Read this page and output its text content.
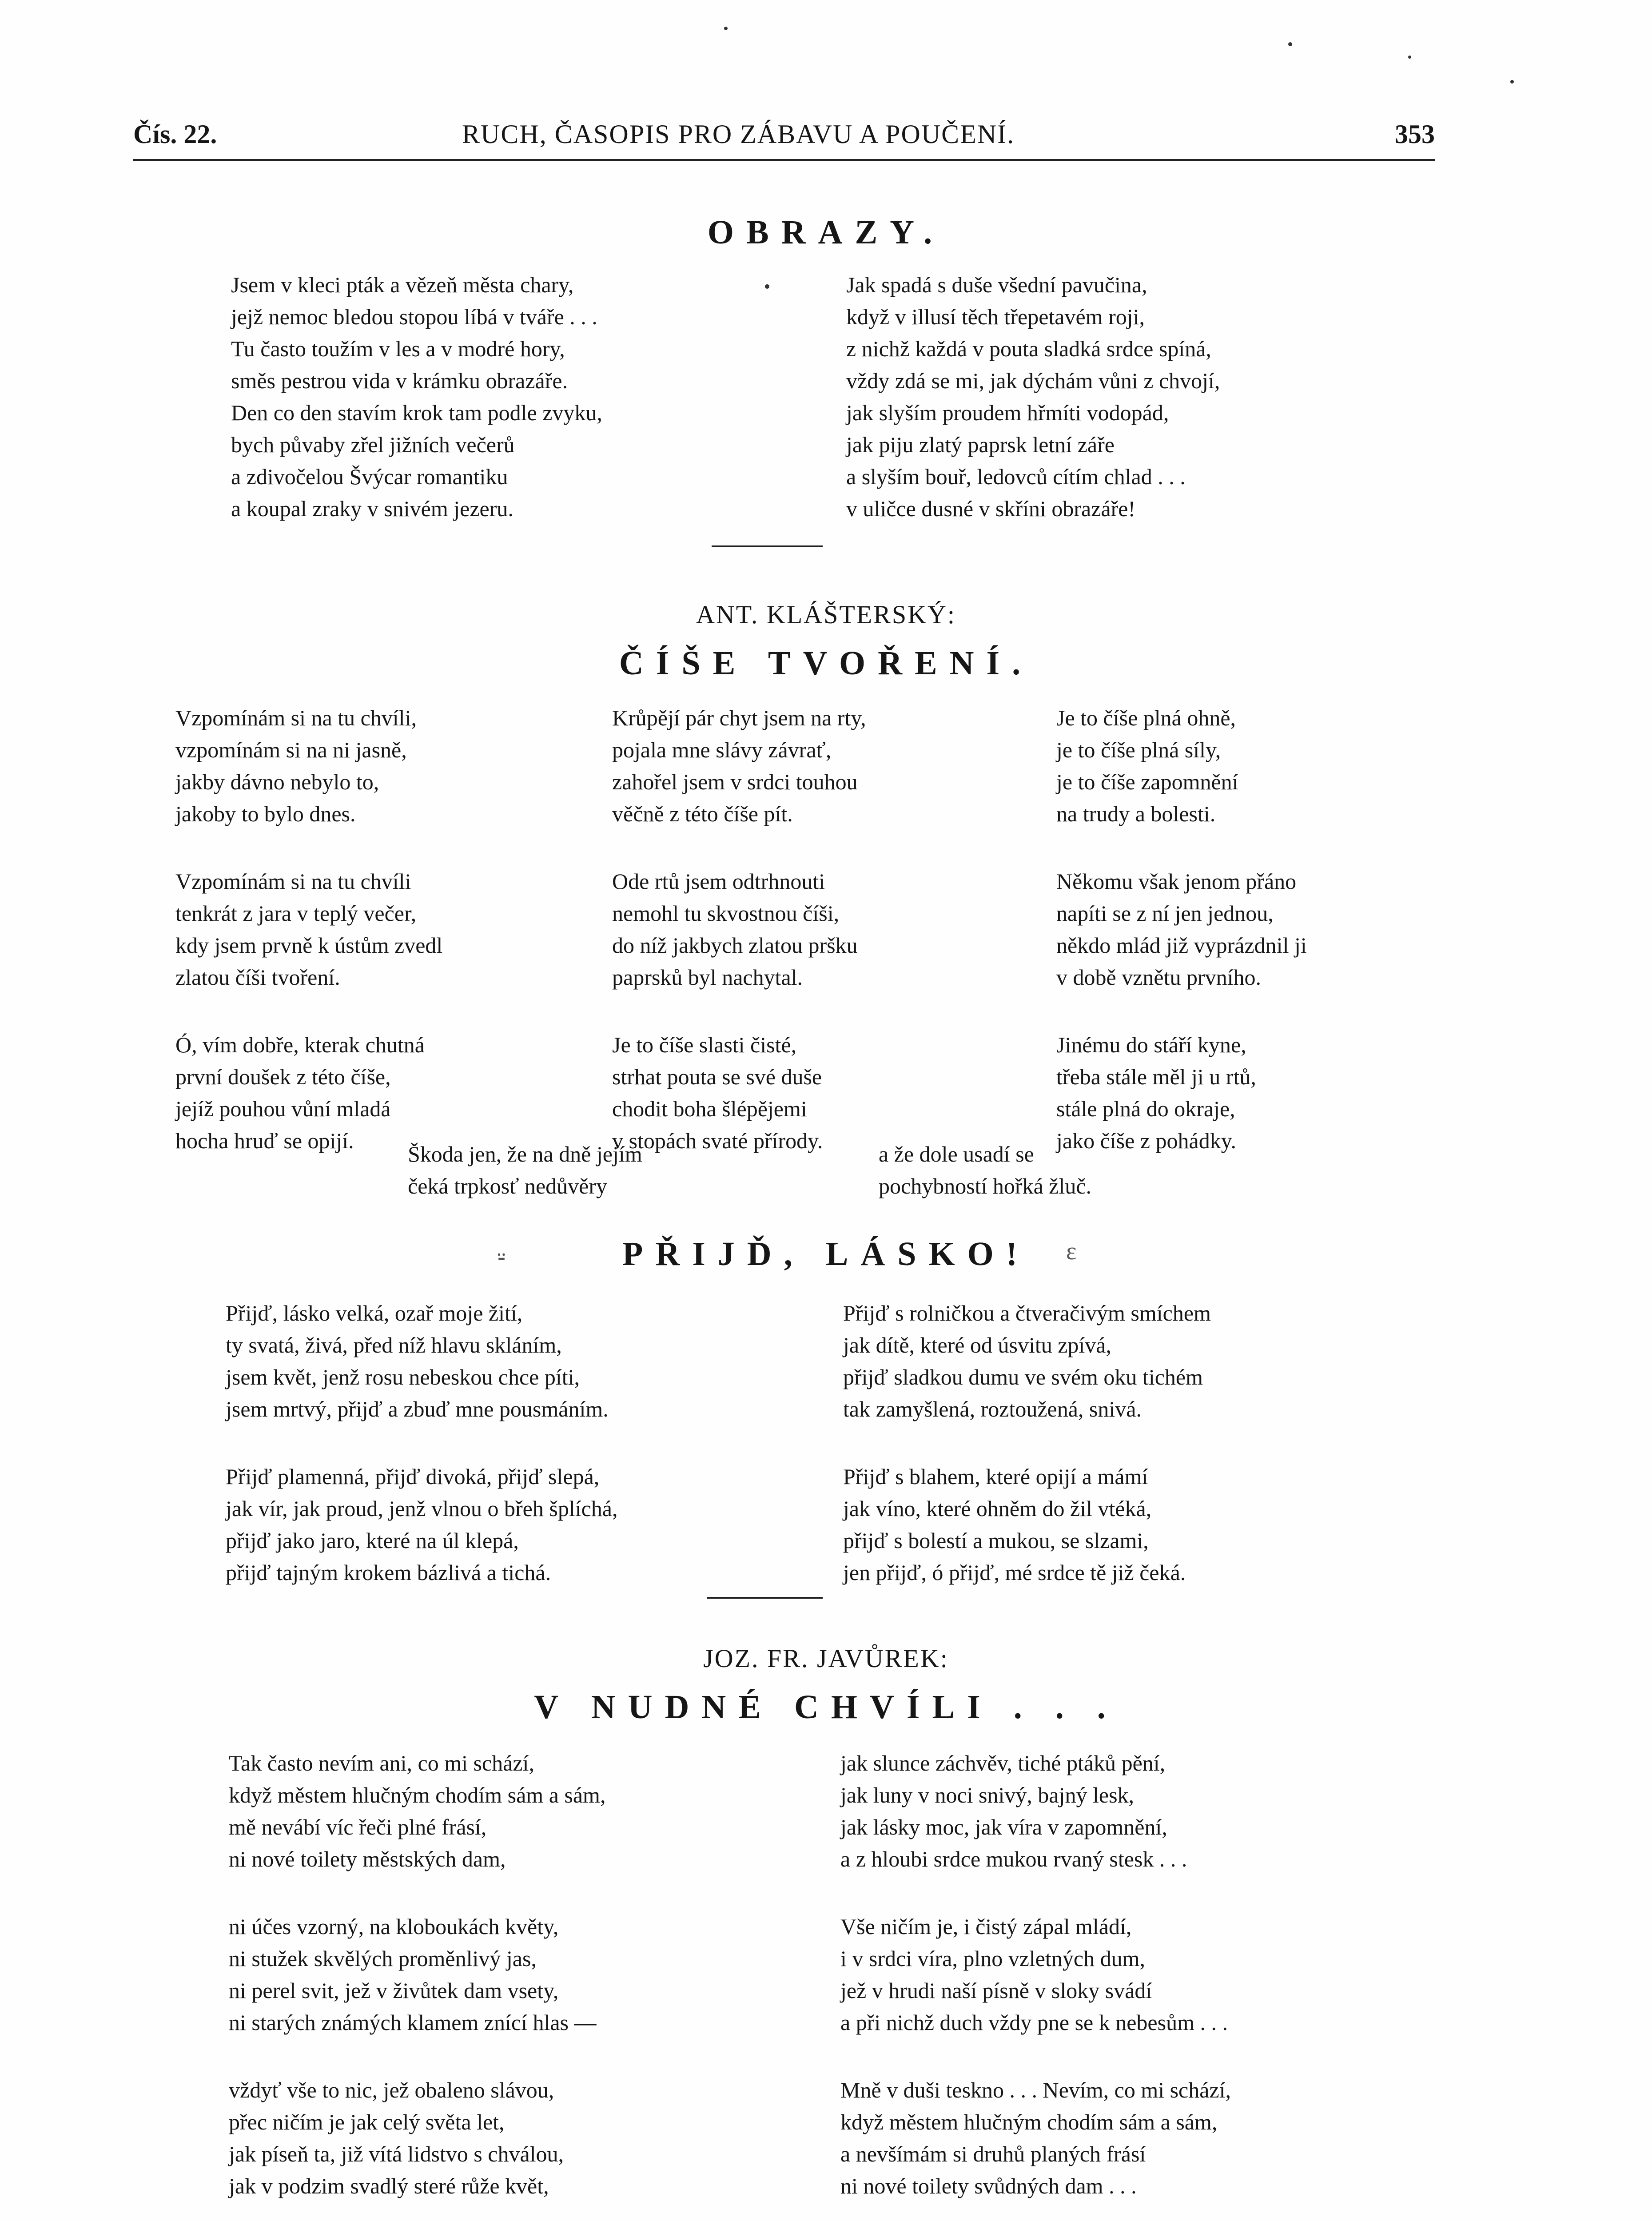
Čís. 22.	RUCH, ČASOPIS PRO ZÁBAVU A POUČENÍ.	353
OBRAZY.
Jsem v kleci pták a vězeň města chary,
jejž nemoc bledou stopou líbá v tváře . . .
Tu často toužím v les a v modré hory,
směs pestrou vida v krámku obrazáře.
Den co den stavím krok tam podle zvyku,
bych půvaby zřel jižních večerů
a zdivočelou Švýcar romantiku
a koupal zraky v snivém jezeru.
Jak spadá s duše všední pavučina,
když v illusí těch třepetavém roji,
z nichž každá v pouta sladká srdce spíná,
vždy zdá se mi, jak dýchám vůni z chvojí,
jak slyším proudem hřmíti vodopád,
jak piju zlatý paprsk letní záře
a slyším bouř, ledovců cítím chlad . . .
v uličce dusné v skříni obrazáře!
ANT. KLÁŠTERSKÝ:
ČÍŠE TVOŘENÍ.
Vzpomínám si na tu chvíli,
vzpomínám si na ni jasně,
jakby dávno nebylo to,
jakoby to bylo dnes.
Vzpomínám si na tu chvíli
tenkrát z jara v teplý večer,
kdy jsem prvně k ústům zvedl
zlatou číši tvoření.
Ó, vím dobře, kterak chutná
první doušek z této číše,
jejíž pouhou vůní mladá
hocha hruď se opijí.
Krůpějí pár chyt jsem na rty,
pojala mne slávy závrať,
zahořel jsem v srdci touhou
věčně z této číše pít.
Ode rtů jsem odtrhnouti
nemohl tu skvostnou číši,
do níž jakbych zlatou pršku
paprsků byl nachytal.
Je to číše slasti čisté,
strhat pouta se své duše
chodit boha šlépějemi
v stopách svaté přírody.
Je to číše plná ohně,
je to číše plná síly,
je to číše zapomnění
na trudy a bolesti.
Někomu však jenom přáno
napíti se z ní jen jednou,
někdo mlád již vyprázdnil ji
v době vznětu prvního.
Jinému do stáří kyne,
třeba stále měl ji u rtů,
stále plná do okraje,
jako číše z pohádky.
Škoda jen, že na dně jejím
čeká trpkosť nedůvěry
a že dole usadí se
pochybností hořká žluč.
⸚	PŘIJĎ, LÁSKO!	ɛ
Přijď, lásko velká, ozař moje žití,
ty svatá, živá, před níž hlavu skláním,
jsem květ, jenž rosu nebeskou chce píti,
jsem mrtvý, přijď a zbuď mne pousmáním.
Přijď plamenná, přijď divoká, přijď slepá,
jak vír, jak proud, jenž vlnou o břeh šplíchá,
přijď jako jaro, které na úl klepá,
přijď tajným krokem bázlivá a tichá.
Přijď s rolničkou a čtveračivým smíchem
jak dítě, které od úsvitu zpívá,
přijď sladkou dumu ve svém oku tichém
tak zamyšlená, roztoužená, snivá.
Přijď s blahem, které opijí a mámí
jak víno, které ohněm do žil vtéká,
přijď s bolestí a mukou, se slzami,
jen přijď, ó přijď, mé srdce tě již čeká.
JOZ. FR. JAVŮREK:
V NUDNÉ CHVÍLI . . .
Tak často nevím ani, co mi schází,
když městem hlučným chodím sám a sám,
mě nevábí víc řeči plné frásí,
ni nové toilety městských dam,
ni účes vzorný, na kloboukách květy,
ni stužek skvělých proměnlivý jas,
ni perel svit, jež v živůtek dam vsety,
ni starých známých klamem znící hlas —
vždyť vše to nic, jež obaleno slávou,
přec ničím je jak celý světa let,
jak píseň ta, již vítá lidstvo s chválou,
jak v podzim svadlý steré růže květ,
jak slunce záchvěv, tiché ptáků pění,
jak luny v noci snivý, bajný lesk,
jak lásky moc, jak víra v zapomnění,
a z hloubi srdce mukou rvaný stesk . . .
Vše ničím je, i čistý zápal mládí,
i v srdci víra, plno vzletných dum,
jež v hrudi naší písně v sloky svádí
a při nichž duch vždy pne se k nebesům . . .
Mně v duši teskno . . . Nevím, co mi schází,
když městem hlučným chodím sám a sám,
a nevšímám si druhů planých frásí
ni nové toilety svůdných dam . . .
